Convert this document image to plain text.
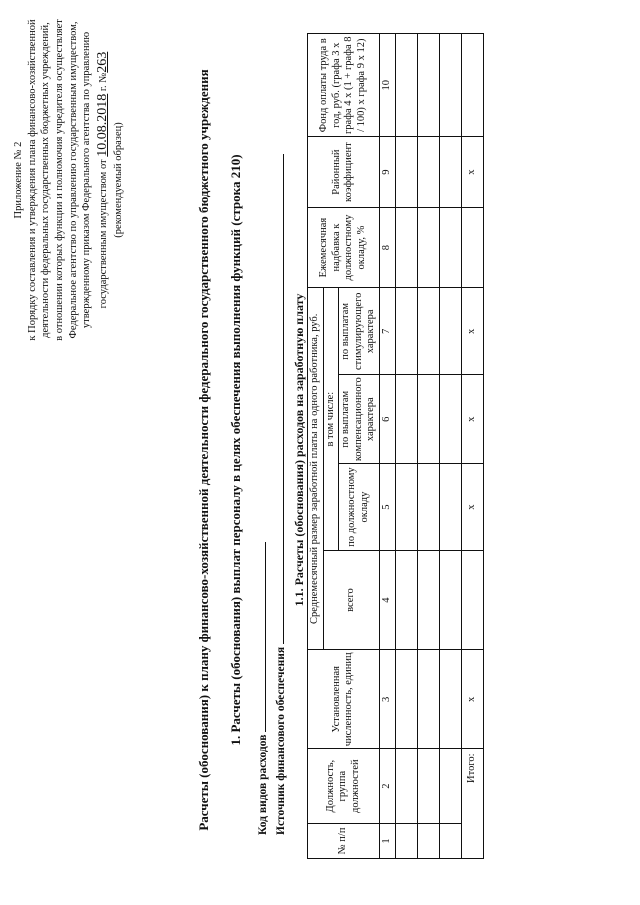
Приложение № 2 к Порядку составления и утверждения плана финансово-хозяйственной деятельности федеральных государственных бюджетных учреждений, в отношении которых функции и полномочия учредителя осуществляет Федеральное агентство по управлению государственным имуществом, утвержденному приказом Федерального агентства по управлению государственным имуществом от 10.08.2018 г. №263
(рекомендуемый образец)	Расчеты (обоснования) к плану финансово-хозяйственной деятельности федерального государственного бюджетного учреждения 1. Расчеты (обоснования) выплат персоналу в целях обеспечения выполнения функций (строка 210)
Код видов расходов Источник финансового обеспечения
1.1. Расчеты (обоснования) расходов на заработную плату
№ п/п	Должность, группа должностей	Установленная численность, единиц	Среднемесячный размер заработной платы на одного работника, руб.				Ежемесячная надбавка к должностному окладу, %	Районный коэффициент	Фонд оплаты труда в год, руб. (графа 3 х графа 4 х (1 + графа 8 / 100) х графа 9 х 12)
			всего	в том числе:					
				по должностному окладу	по выплатам компенсационного характера	по выплатам стимулирующего характера			
1	2	3	4	5	6	7	8	9	10

Итого:		х		х	х	х		х	
